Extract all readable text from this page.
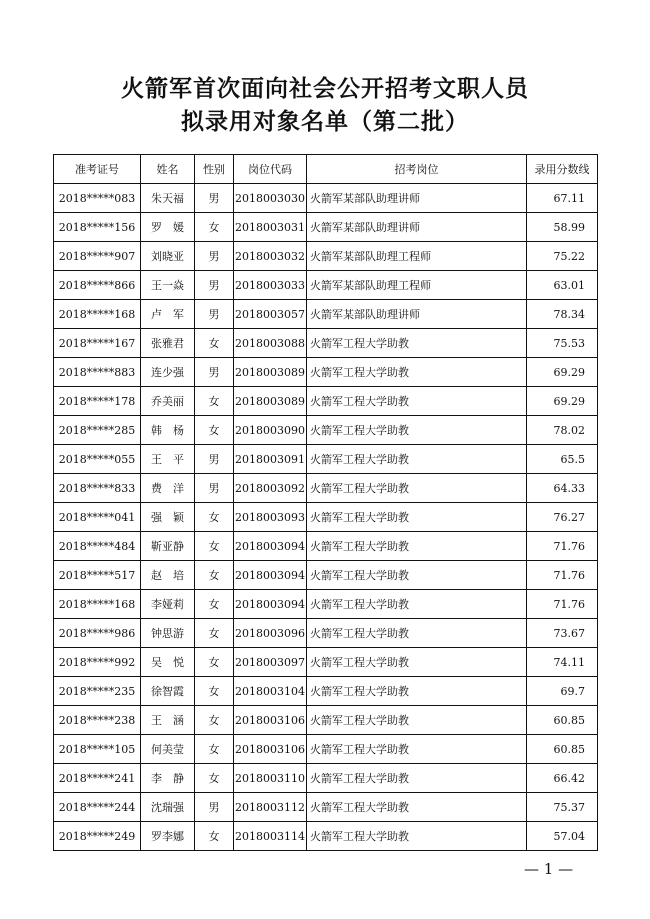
火箭军首次面向社会公开招考文职人员
拟录用对象名单（第二批）
准考证号	姓名	性别	岗位代码	招考岗位	录用分数线
2018*****083	朱天福	男	2018003030	火箭军某部队助理讲师	67.11
2018*****156	罗　媛	女	2018003031	火箭军某部队助理讲师	58.99
2018*****907	刘晓亚	男	2018003032	火箭军某部队助理工程师	75.22
2018*****866	王一焱	男	2018003033	火箭军某部队助理工程师	63.01
2018*****168	卢　军	男	2018003057	火箭军某部队助理讲师	78.34
2018*****167	张雅君	女	2018003088	火箭军工程大学助教	75.53
2018*****883	连少强	男	2018003089	火箭军工程大学助教	69.29
2018*****178	乔美丽	女	2018003089	火箭军工程大学助教	69.29
2018*****285	韩　杨	女	2018003090	火箭军工程大学助教	78.02
2018*****055	王　平	男	2018003091	火箭军工程大学助教	65.5
2018*****833	费　洋	男	2018003092	火箭军工程大学助教	64.33
2018*****041	强　颖	女	2018003093	火箭军工程大学助教	76.27
2018*****484	靳亚静	女	2018003094	火箭军工程大学助教	71.76
2018*****517	赵　培	女	2018003094	火箭军工程大学助教	71.76
2018*****168	李娅莉	女	2018003094	火箭军工程大学助教	71.76
2018*****986	钟思游	女	2018003096	火箭军工程大学助教	73.67
2018*****992	吴　悦	女	2018003097	火箭军工程大学助教	74.11
2018*****235	徐智霞	女	2018003104	火箭军工程大学助教	69.7
2018*****238	王　涵	女	2018003106	火箭军工程大学助教	60.85
2018*****105	何美莹	女	2018003106	火箭军工程大学助教	60.85
2018*****241	李　静	女	2018003110	火箭军工程大学助教	66.42
2018*****244	沈瑞强	男	2018003112	火箭军工程大学助教	75.37
2018*****249	罗李娜	女	2018003114	火箭军工程大学助教	57.04
— 1 —
